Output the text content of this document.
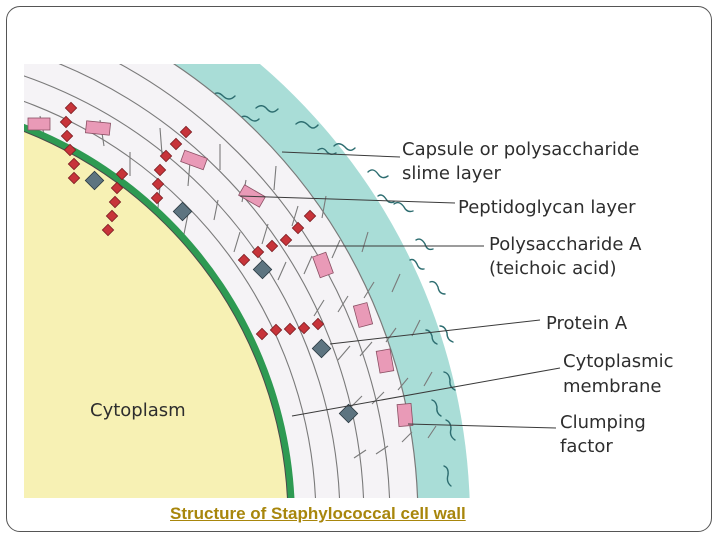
Capsule or polysaccharide
slime layer
Peptidoglycan layer
Polysaccharide A
(teichoic acid)
Protein A
Cytoplasmic
membrane
Clumping
factor
Cytoplasm
Structure of Staphylococcal cell wall
